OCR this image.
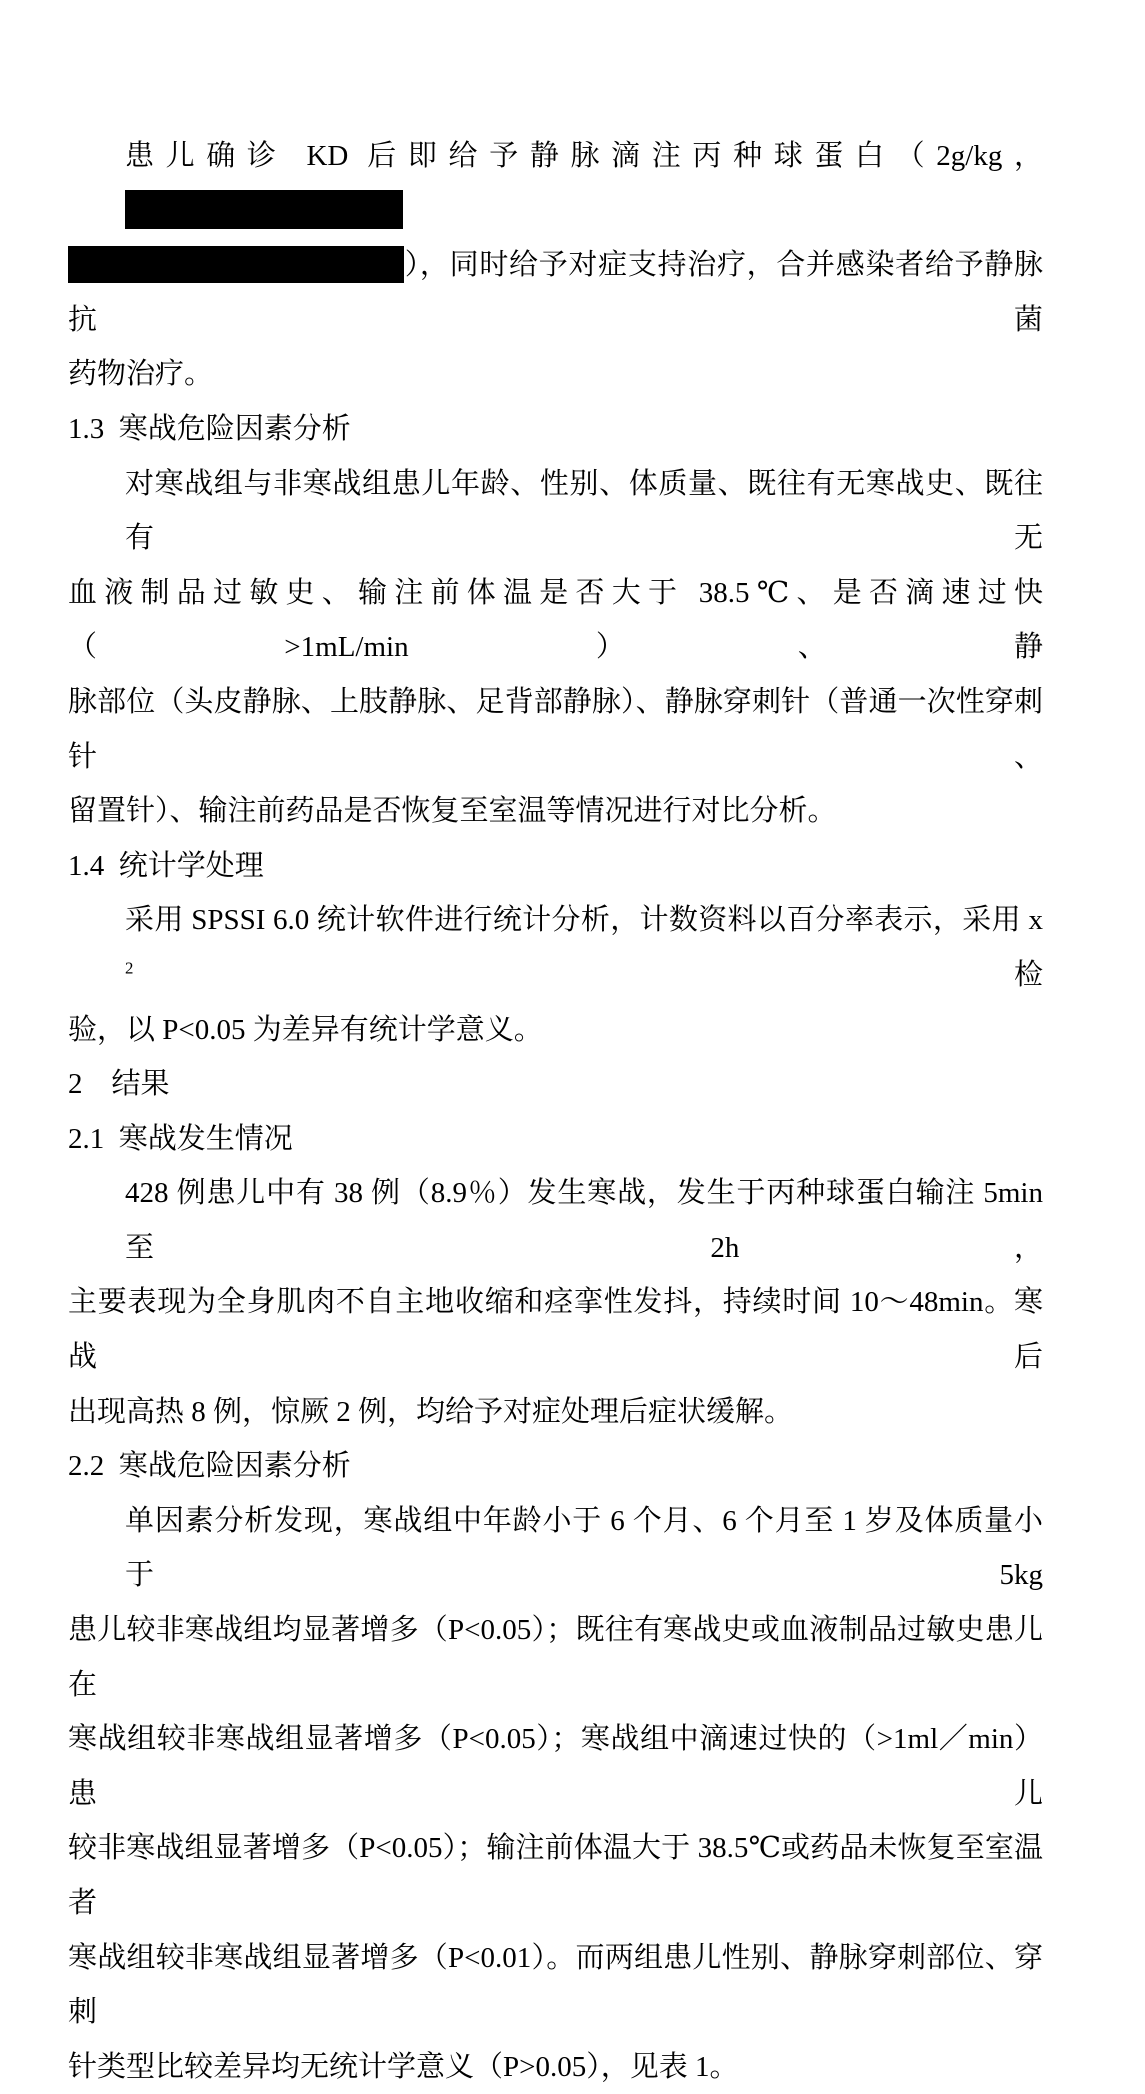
患儿确诊 KD 后即给予静脉滴注丙种球蛋白（2g/kg，
），同时给予对症支持治疗，合并感染者给予静脉抗菌
药物治疗。
1.3  寒战危险因素分析
对寒战组与非寒战组患儿年龄、性别、体质量、既往有无寒战史、既往有无
血液制品过敏史、输注前体温是否大于 38.5℃、是否滴速过快（>1mL/min）、静
脉部位（头皮静脉、上肢静脉、足背部静脉）、静脉穿刺针（普通一次性穿刺针、
留置针）、输注前药品是否恢复至室温等情况进行对比分析。
1.4  统计学处理
采用 SPSSI 6.0 统计软件进行统计分析，计数资料以百分率表示，采用 x $^2$检
验，以 P<0.05 为差异有统计学意义。
2    结果
2.1  寒战发生情况
428 例患儿中有 38 例（8.9％）发生寒战，发生于丙种球蛋白输注 5min 至 2h，
主要表现为全身肌肉不自主地收缩和痉挛性发抖，持续时间 10～48min。寒战后
出现高热 8 例，惊厥 2 例，均给予对症处理后症状缓解。
2.2  寒战危险因素分析
单因素分析发现，寒战组中年龄小于 6 个月、6 个月至 1 岁及体质量小于 5kg
患儿较非寒战组均显著增多（P<0.05）；既往有寒战史或血液制品过敏史患儿在
寒战组较非寒战组显著增多（P<0.05）；寒战组中滴速过快的（>1ml／min）患儿
较非寒战组显著增多（P<0.05）；输注前体温大于 38.5℃或药品未恢复至室温者
寒战组较非寒战组显著增多（P<0.01）。而两组患儿性别、静脉穿刺部位、穿刺
针类型比较差异均无统计学意义（P>0.05），见表 1。
